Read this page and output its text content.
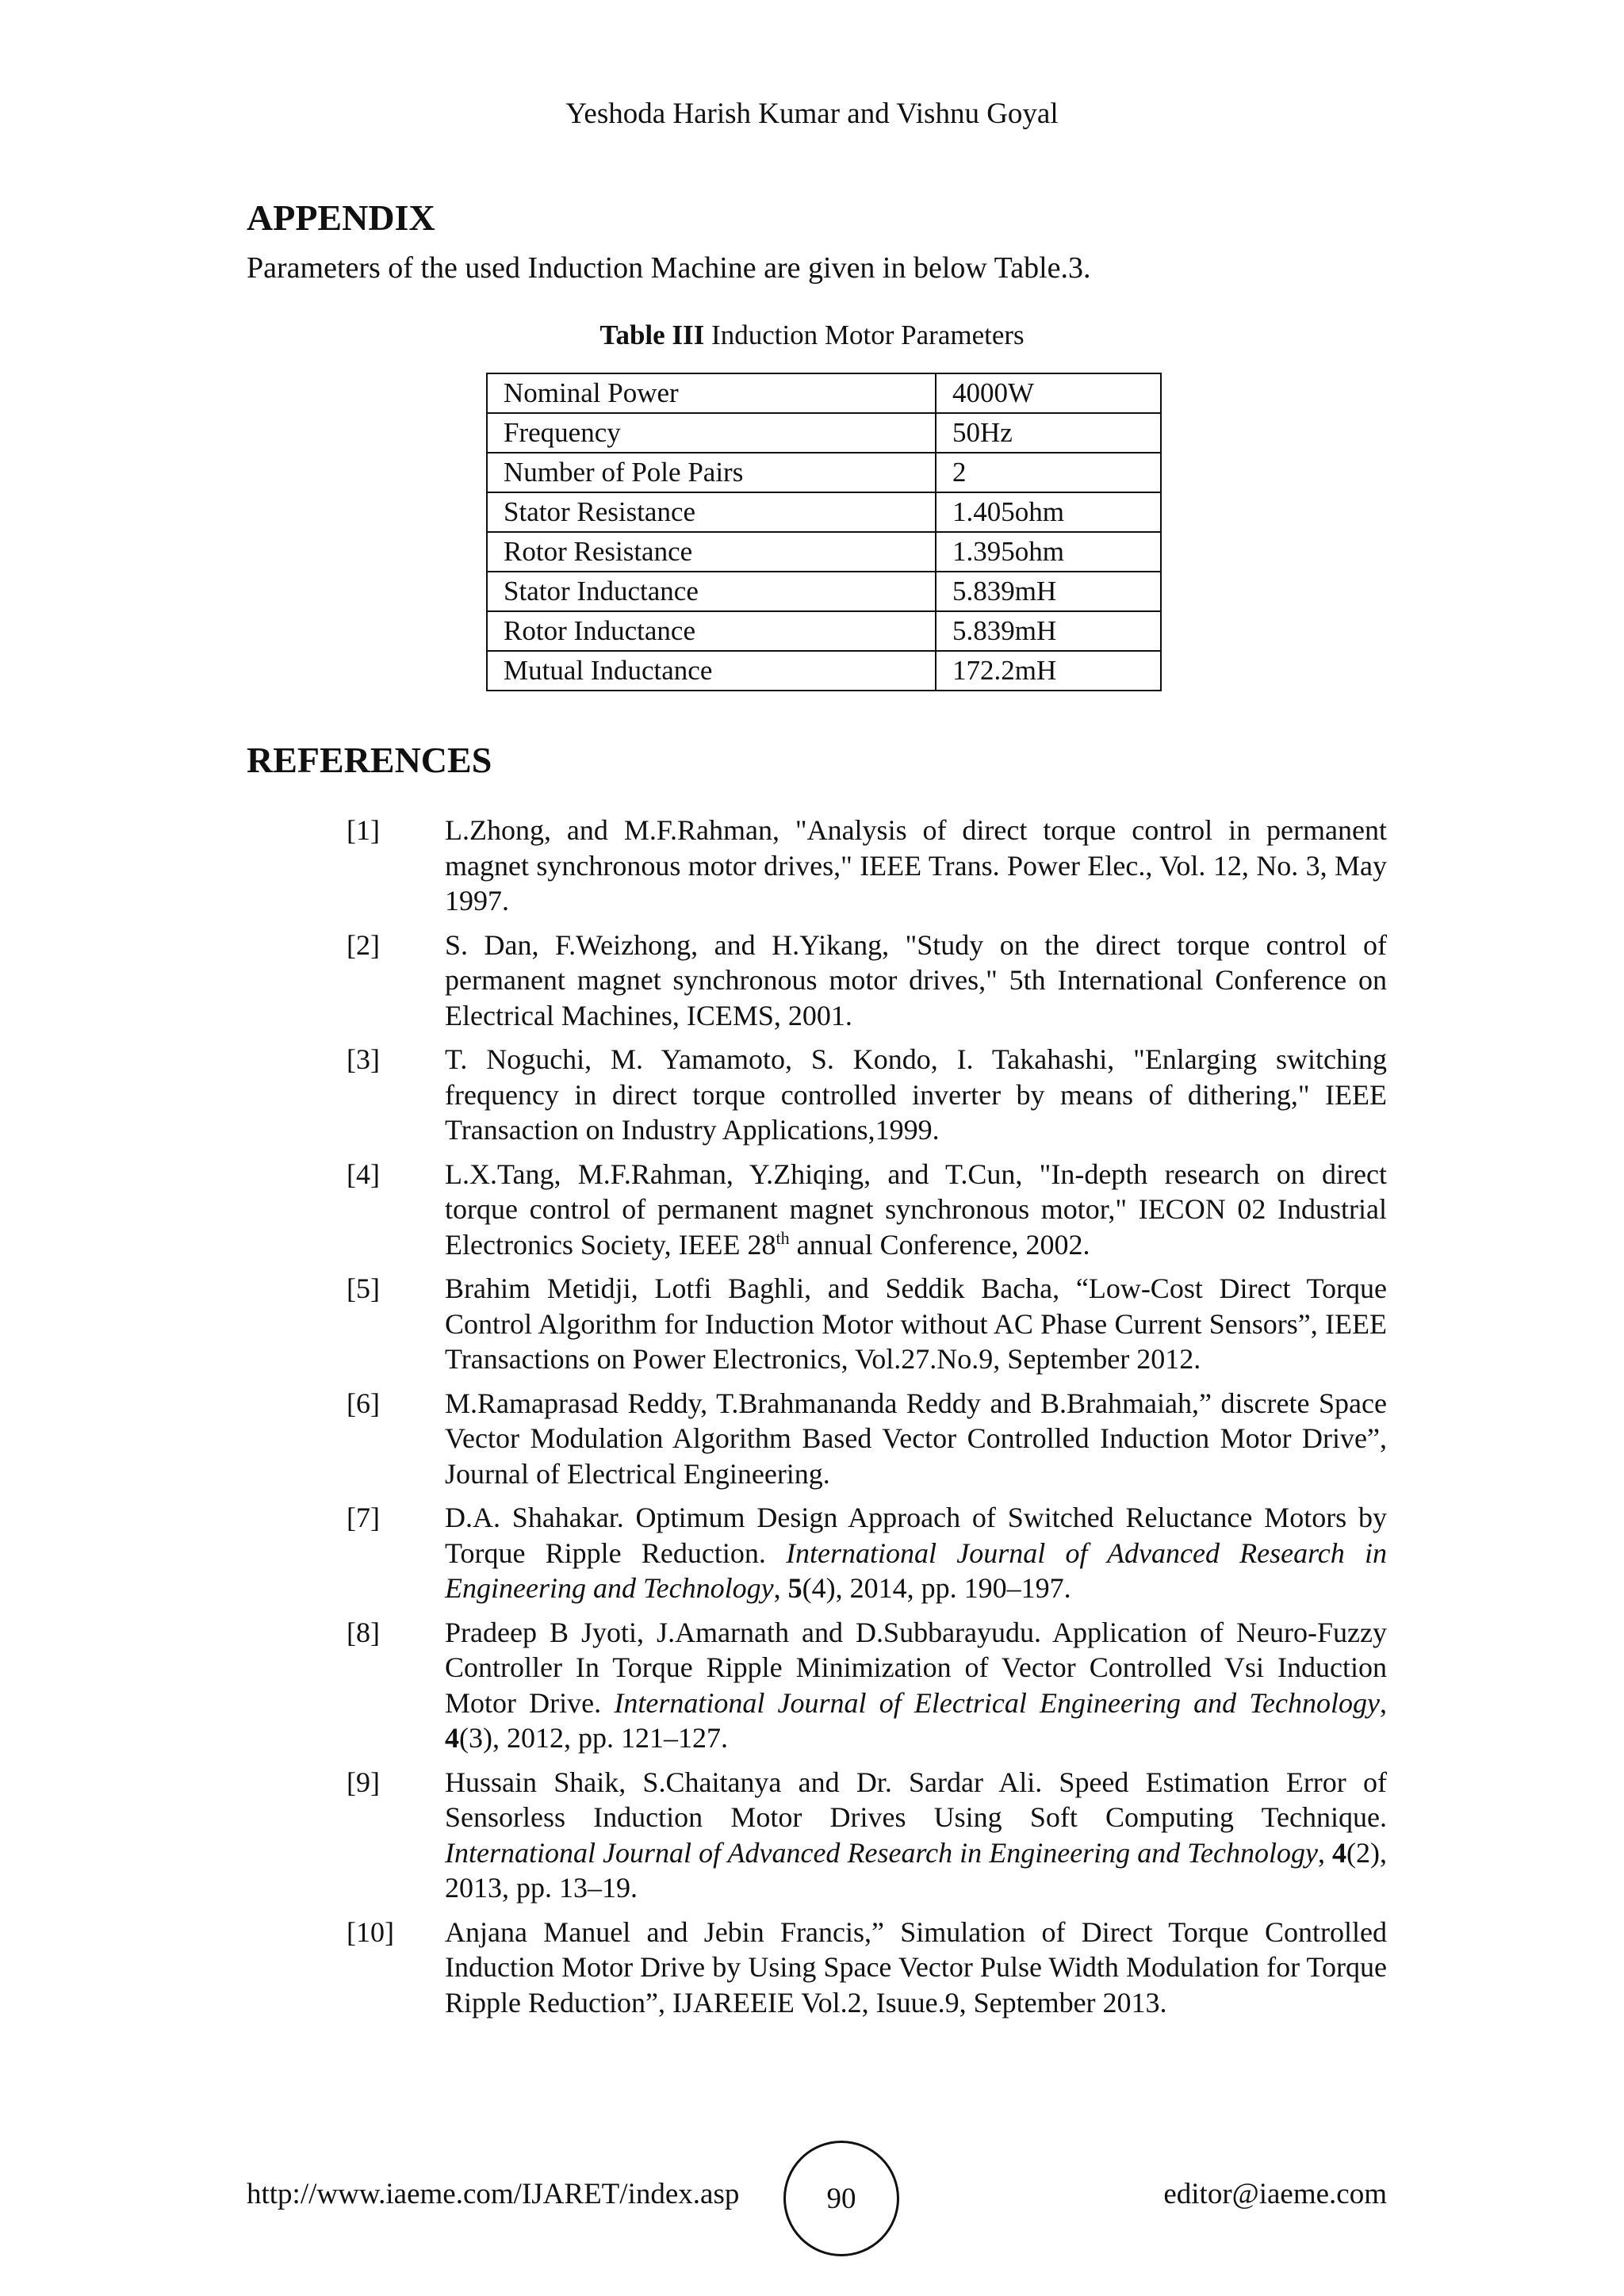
Yeshoda Harish Kumar and Vishnu Goyal
APPENDIX

Parameters of the used Induction Machine are given in below Table.3.

Table III Induction Motor Parameters
Nominal Power	4000W
Frequency	50Hz
Number of Pole Pairs	2
Stator Resistance	1.405ohm
Rotor Resistance	1.395ohm
Stator Inductance	5.839mH
Rotor Inductance	5.839mH
Mutual Inductance	172.2mH
REFERENCES
[1] L.Zhong, and M.F.Rahman, "Analysis of direct torque control in permanent magnet synchronous motor drives," IEEE Trans. Power Elec., Vol. 12, No. 3, May 1997.
[2] S. Dan, F.Weizhong, and H.Yikang, "Study on the direct torque control of permanent magnet synchronous motor drives," 5th International Conference on Electrical Machines, ICEMS, 2001.
[3] T. Noguchi, M. Yamamoto, S. Kondo, I. Takahashi, "Enlarging switching frequency in direct torque controlled inverter by means of dithering," IEEE Transaction on Industry Applications,1999.
[4] L.X.Tang, M.F.Rahman, Y.Zhiqing, and T.Cun, "In-depth research on direct torque control of permanent magnet synchronous motor," IECON 02 Industrial Electronics Society, IEEE 28th annual Conference, 2002.
[5] Brahim Metidji, Lotfi Baghli, and Seddik Bacha, “Low-Cost Direct Torque Control Algorithm for Induction Motor without AC Phase Current Sensors”, IEEE Transactions on Power Electronics, Vol.27.No.9, September 2012.
[6] M.Ramaprasad Reddy, T.Brahmananda Reddy and B.Brahmaiah,” discrete Space Vector Modulation Algorithm Based Vector Controlled Induction Motor Drive”, Journal of Electrical Engineering.
[7] D.A. Shahakar. Optimum Design Approach of Switched Reluctance Motors by Torque Ripple Reduction. International Journal of Advanced Research in Engineering and Technology, 5(4), 2014, pp. 190–197.
[8] Pradeep B Jyoti, J.Amarnath and D.Subbarayudu. Application of Neuro-Fuzzy Controller In Torque Ripple Minimization of Vector Controlled Vsi Induction Motor Drive. International Journal of Electrical Engineering and Technology, 4(3), 2012, pp. 121–127.
[9] Hussain Shaik, S.Chaitanya and Dr. Sardar Ali. Speed Estimation Error of Sensorless Induction Motor Drives Using Soft Computing Technique. International Journal of Advanced Research in Engineering and Technology, 4(2), 2013, pp. 13–19.
[10] Anjana Manuel and Jebin Francis,” Simulation of Direct Torque Controlled Induction Motor Drive by Using Space Vector Pulse Width Modulation for Torque Ripple Reduction”, IJAREEIE Vol.2, Isuue.9, September 2013.
http://www.iaeme.com/IJARET/index.asp	90	editor@iaeme.com
